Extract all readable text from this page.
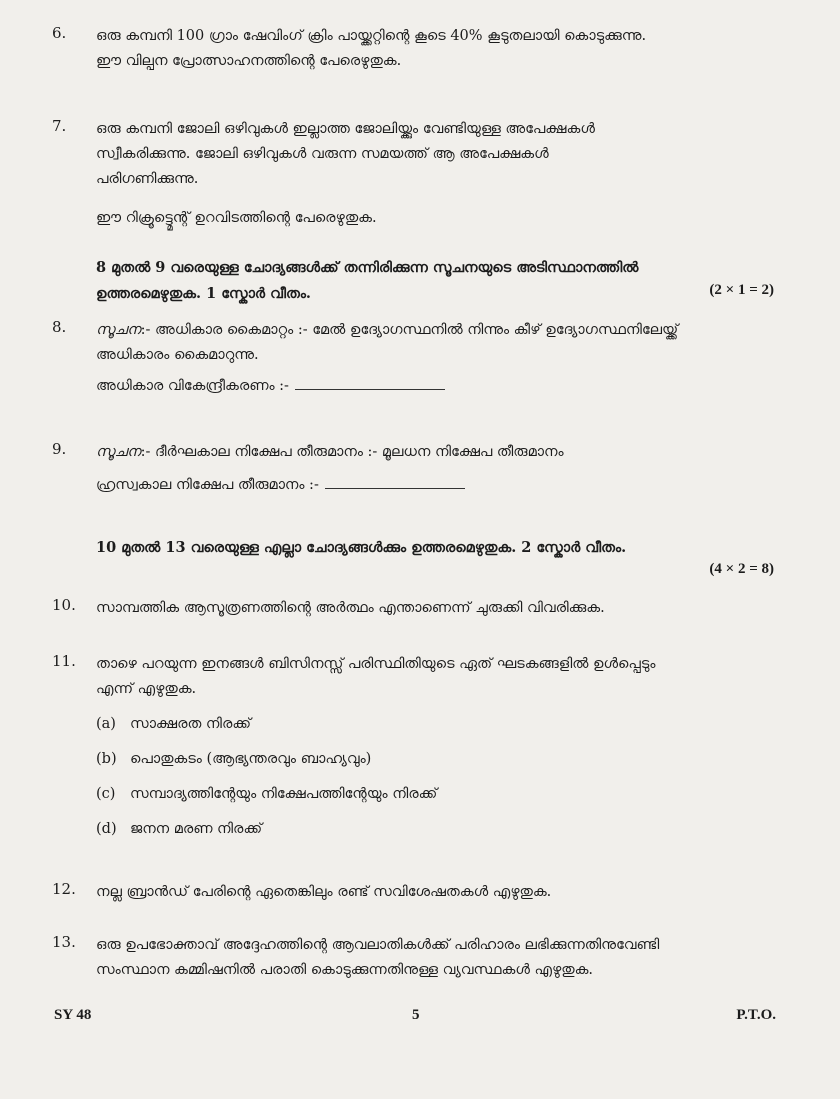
6. ഒരു കമ്പനി 100 ഗ്രാം ഷേവിംഗ് ക്രിം പായ്ക്കറ്റിന്റെ കൂടെ 40% കൂടുതലായി കൊടുക്കുന്നു.

ഈ വില്പന പ്രോത്സാഹനത്തിന്റെ പേരെഴുതുക.

7. ഒരു കമ്പനി ജോലി ഒഴിവുകൾ ഇല്ലാത്ത ജോലിയ്ക്കും വേണ്ടിയുള്ള അപേക്ഷകൾ

സ്വീകരിക്കുന്നു. ജോലി ഒഴിവുകൾ വരുന്ന സമയത്ത് ആ അപേക്ഷകൾ

പരിഗണിക്കുന്നു.

ഈ റിക്രൂട്ട്മെന്റ് ഉറവിടത്തിന്റെ പേരെഴുതുക.

8 മുതൽ 9 വരെയുള്ള ചോദ്യങ്ങൾക്ക് തന്നിരിക്കുന്ന സൂചനയുടെ അടിസ്ഥാനത്തിൽ
ഉത്തരമെഴുതുക. 1 സ്കോർ വീതം.	(2 × 1 = 2)
8. സൂചന:- അധികാര കൈമാറ്റം :- മേൽ ഉദ്യോഗസ്ഥനിൽ നിന്നും കീഴ് ഉദ്യോഗസ്ഥനിലേയ്ക്ക്

അധികാരം കൈമാറുന്നു.

അധികാര വികേന്ദ്രീകരണം :-

9. സൂചന:- ദീർഘകാല നിക്ഷേപ തീരുമാനം :- മൂലധന നിക്ഷേപ തീരുമാനം

ഹ്രസ്വകാല നിക്ഷേപ തീരുമാനം :-

10 മുതൽ 13 വരെയുള്ള എല്ലാ ചോദ്യങ്ങൾക്കും ഉത്തരമെഴുതുക. 2 സ്കോർ വീതം.
(4 × 2 = 8)
10. സാമ്പത്തിക ആസൂത്രണത്തിന്റെ അർത്ഥം എന്താണെന്ന് ചുരുക്കി വിവരിക്കുക.

11. താഴെ പറയുന്ന ഇനങ്ങൾ ബിസിനസ്സ് പരിസ്ഥിതിയുടെ ഏത് ഘടകങ്ങളിൽ ഉൾപ്പെടും

എന്ന് എഴുതുക.

(a) സാക്ഷരത നിരക്ക്
(b) പൊതുകടം (ആഭ്യന്തരവും ബാഹ്യവും)
(c)	സമ്പാദ്യത്തിന്റേയും നിക്ഷേപത്തിന്റേയും നിരക്ക്
(d) ജനന മരണ നിരക്ക്
12. നല്ല ബ്രാൻഡ് പേരിന്റെ ഏതെങ്കിലും രണ്ട് സവിശേഷതകൾ എഴുതുക.

13. ഒരു ഉപഭോക്താവ് അദ്ദേഹത്തിന്റെ ആവലാതികൾക്ക് പരിഹാരം ലഭിക്കുന്നതിനുവേണ്ടി

സംസ്ഥാന കമ്മിഷനിൽ പരാതി കൊടുക്കുന്നതിനുള്ള വ്യവസ്ഥകൾ എഴുതുക.

SY 48	5	P.T.O.
